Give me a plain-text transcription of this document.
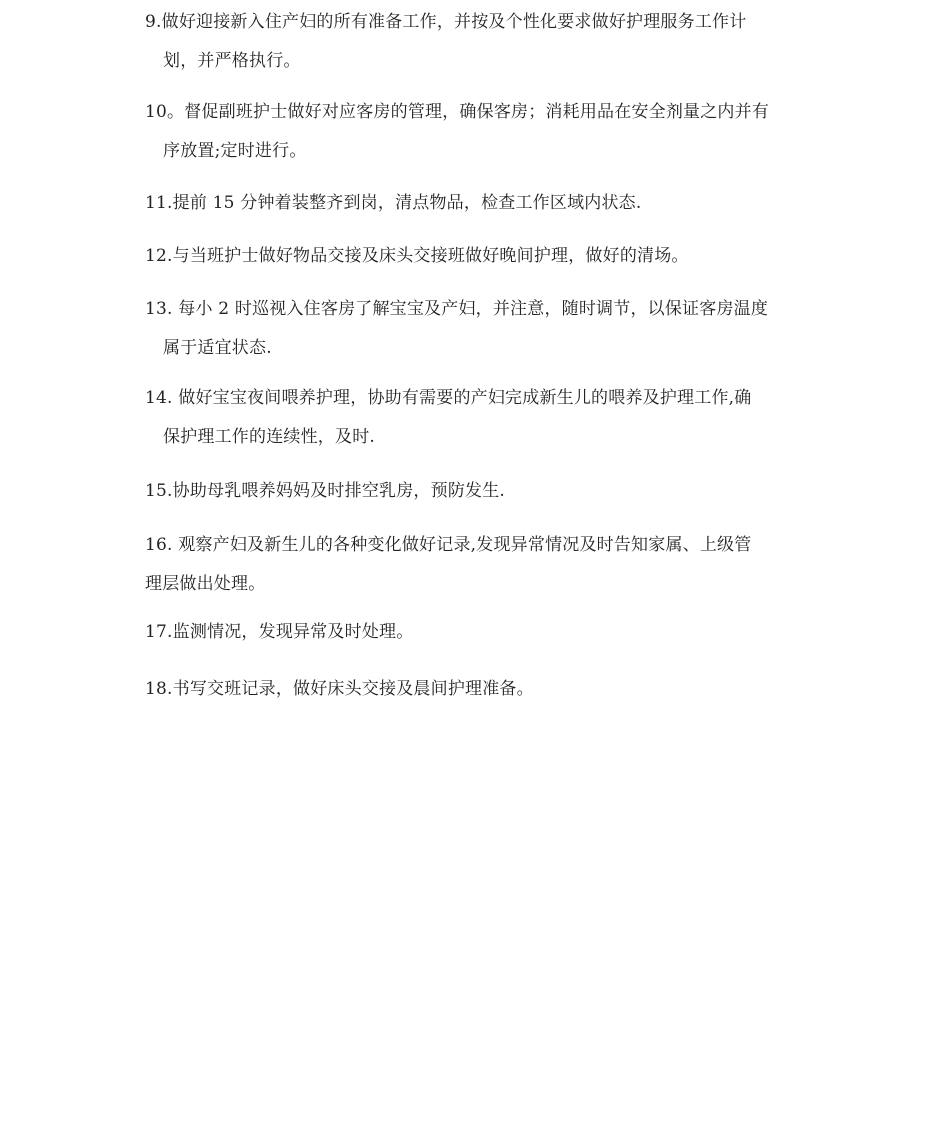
9.做好迎接新入住产妇的所有准备工作，并按及个性化要求做好护理服务工作计
划，并严格执行。
10。督促副班护士做好对应客房的管理，确保客房；消耗用品在安全剂量之内并有
序放置;定时进行。
11.提前 15 分钟着装整齐到岗，清点物品，检查工作区域内状态.
12.与当班护士做好物品交接及床头交接班做好晚间护理，做好的清场。
13. 每小 2 时巡视入住客房了解宝宝及产妇，并注意，随时调节，以保证客房温度
属于适宜状态.
14. 做好宝宝夜间喂养护理，协助有需要的产妇完成新生儿的喂养及护理工作,确
保护理工作的连续性，及时.
15.协助母乳喂养妈妈及时排空乳房，预防发生.
16. 观察产妇及新生儿的各种变化做好记录,发现异常情况及时告知家属、上级管
理层做出处理。
17.监测情况，发现异常及时处理。
18.书写交班记录，做好床头交接及晨间护理准备。
